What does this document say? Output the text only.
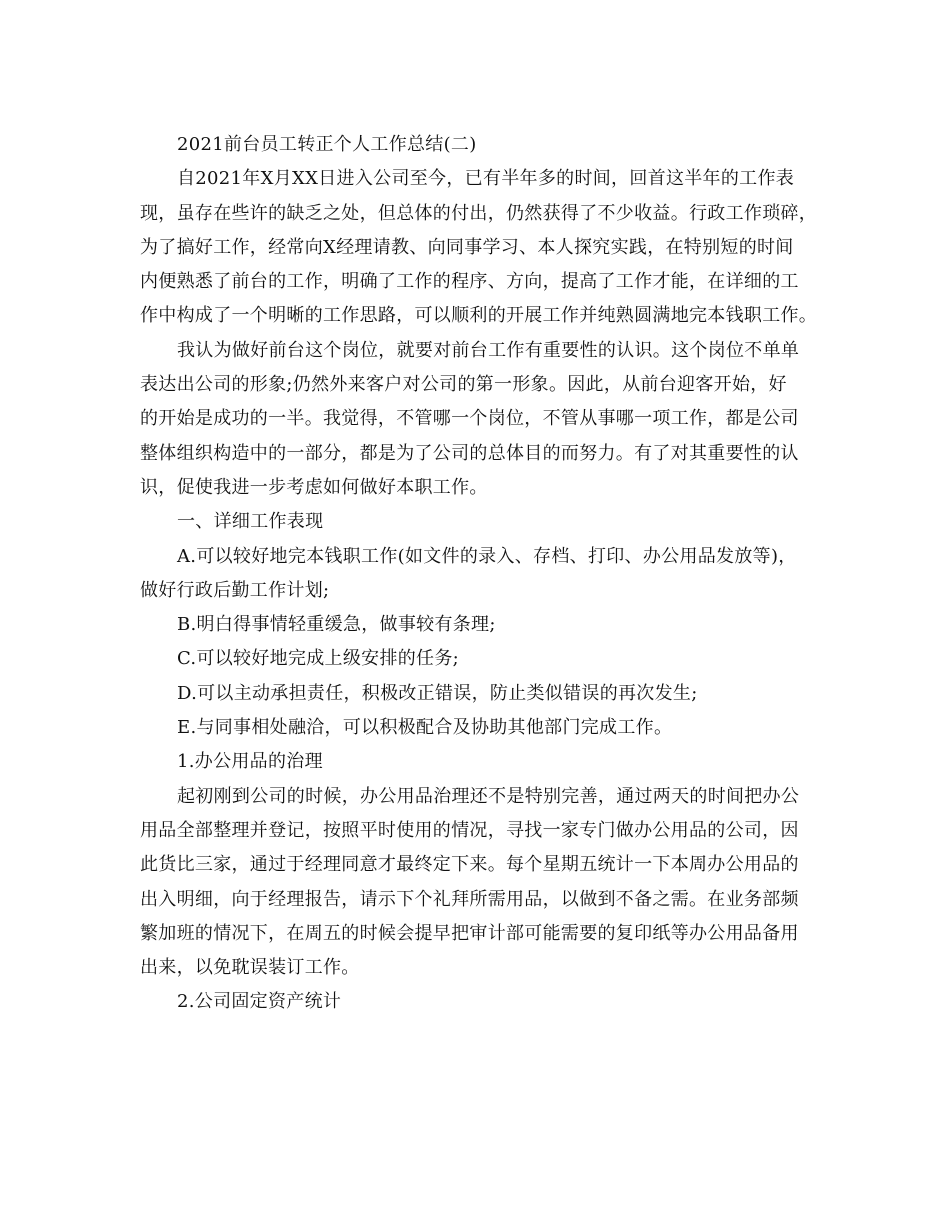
2021前台员工转正个人工作总结(二)
自2021年X月XX日进入公司至今，已有半年多的时间，回首这半年的工作表
现，虽存在些许的缺乏之处，但总体的付出，仍然获得了不少收益。行政工作琐碎，
为了搞好工作，经常向X经理请教、向同事学习、本人探究实践，在特别短的时间
内便熟悉了前台的工作，明确了工作的程序、方向，提高了工作才能，在详细的工
作中构成了一个明晰的工作思路，可以顺利的开展工作并纯熟圆满地完本钱职工作。
我认为做好前台这个岗位，就要对前台工作有重要性的认识。这个岗位不单单
表达出公司的形象;仍然外来客户对公司的第一形象。因此，从前台迎客开始，好
的开始是成功的一半。我觉得，不管哪一个岗位，不管从事哪一项工作，都是公司
整体组织构造中的一部分，都是为了公司的总体目的而努力。有了对其重要性的认
识，促使我进一步考虑如何做好本职工作。
一、详细工作表现
A.可以较好地完本钱职工作(如文件的录入、存档、打印、办公用品发放等)，
做好行政后勤工作计划;
B.明白得事情轻重缓急，做事较有条理;
C.可以较好地完成上级安排的任务;
D.可以主动承担责任，积极改正错误，防止类似错误的再次发生;
E.与同事相处融洽，可以积极配合及协助其他部门完成工作。
1.办公用品的治理
起初刚到公司的时候，办公用品治理还不是特别完善，通过两天的时间把办公
用品全部整理并登记，按照平时使用的情况，寻找一家专门做办公用品的公司，因
此货比三家，通过于经理同意才最终定下来。每个星期五统计一下本周办公用品的
出入明细，向于经理报告，请示下个礼拜所需用品，以做到不备之需。在业务部频
繁加班的情况下，在周五的时候会提早把审计部可能需要的复印纸等办公用品备用
出来，以免耽误装订工作。
2.公司固定资产统计
